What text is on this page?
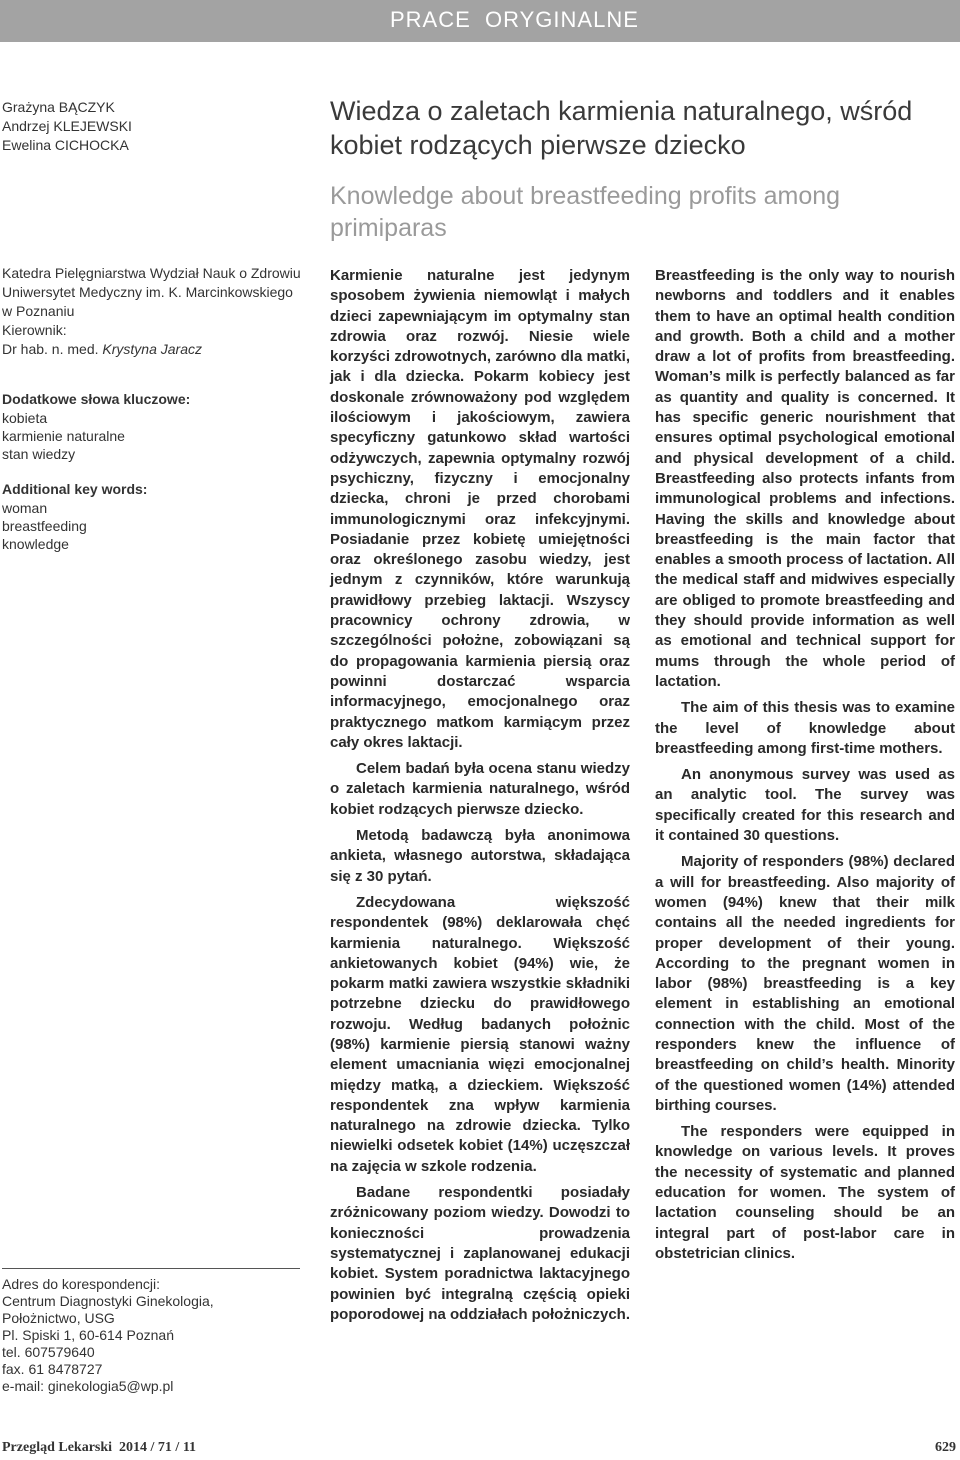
PRACE  ORYGINALNE
Grażyna BĄCZYK
Andrzej KLEJEWSKI
Ewelina CICHOCKA
Wiedza o zaletach karmienia naturalnego, wśród kobiet rodzących pierwsze dziecko
Knowledge about breastfeeding profits among primiparas
Katedra Pielęgniarstwa Wydział Nauk o Zdrowiu
Uniwersytet Medyczny im. K. Marcinkowskiego
w Poznaniu
Kierownik:
Dr hab. n. med. Krystyna Jaracz
Dodatkowe słowa kluczowe:
kobieta
karmienie naturalne
stan wiedzy
Additional key words:
woman
breastfeeding
knowledge
Adres do korespondencji:
Centrum Diagnostyki Ginekologia,
Położnictwo, USG
Pl. Spiski 1, 60-614 Poznań
tel. 607579640
fax. 61 8478727
e-mail: ginekologia5@wp.pl

Karmienie naturalne jest jedynym sposobem żywienia niemowląt i małych dzieci zapewniającym im optymalny stan zdrowia oraz rozwój. Niesie wiele korzyści zdrowotnych, zarówno dla matki, jak i dla dziecka. Pokarm kobiecy jest doskonale zrównoważony pod względem ilościowym i jakościowym, zawiera specyficzny gatunkowo skład wartości odżywczych, zapewnia optymalny rozwój psychiczny, fizyczny i emocjonalny dziecka, chroni je przed chorobami immunologicznymi oraz infekcyjnymi. Posiadanie przez kobietę umiejętności oraz określonego zasobu wiedzy, jest jednym z czynników, które warunkują prawidłowy przebieg laktacji. Wszyscy pracownicy ochrony zdrowia, w szczególności położne, zobowiązani są do propagowania karmienia piersią oraz powinni dostarczać wsparcia informacyjnego, emocjonalnego oraz praktycznego matkom karmiącym przez cały okres laktacji.

Celem badań była ocena stanu wiedzy o zaletach karmienia naturalnego, wśród kobiet rodzących pierwsze dziecko.

Metodą badawczą była anonimowa ankieta, własnego autorstwa, składająca się z 30 pytań.

Zdecydowana większość respondentek (98%) deklarowała chęć karmienia naturalnego. Większość ankietowanych kobiet (94%) wie, że pokarm matki zawiera wszystkie składniki potrzebne dziecku do prawidłowego rozwoju. Według badanych położnic (98%) karmienie piersią stanowi ważny element umacniania więzi emocjonalnej między matką, a dzieckiem. Większość respondentek zna wpływ karmienia naturalnego na zdrowie dziecka. Tylko niewielki odsetek kobiet (14%) uczęszczał na zajęcia w szkole rodzenia.

Badane respondentki posiadały zróżnicowany poziom wiedzy. Dowodzi to konieczności prowadzenia systematycznej i zaplanowanej edukacji kobiet. System poradnictwa laktacyjnego powinien być integralną częścią opieki poporodowej na oddziałach położniczych.

Breastfeeding is the only way to nourish newborns and toddlers and it enables them to have an optimal health condition and growth. Both a child and a mother draw a lot of profits from breastfeeding. Woman’s milk is perfectly balanced as far as quantity and quality is concerned. It has specific generic nourishment that ensures optimal psychological emotional and physical development of a child. Breastfeeding also protects infants from immunological problems and infections. Having the skills and knowledge about breastfeeding is the main factor that enables a smooth process of lactation. All the medical staff and midwives especially are obliged to promote breastfeeding and they should provide information as well as emotional and technical support for mums through the whole period of lactation.

The aim of this thesis was to examine the level of knowledge about breastfeeding among first-time mothers.

An anonymous survey was used as an analytic tool. The survey was specifically created for this research and it contained 30 questions.

Majority of responders (98%) declared a will for breastfeeding. Also majority of women (94%) knew that their milk contains all the needed ingredients for proper development of their young. According to the pregnant women in labor (98%) breastfeeding is a key element in establishing an emotional connection with the child. Most of the responders knew the influence of breastfeeding on child’s health. Minority of the questioned women (14%) attended birthing courses.

The responders were equipped in knowledge on various levels. It proves the necessity of systematic and planned education for women. The system of lactation counseling should be an integral part of post-labor care in obstetrician clinics.

Przegląd Lekarski  2014 / 71 / 11	629
